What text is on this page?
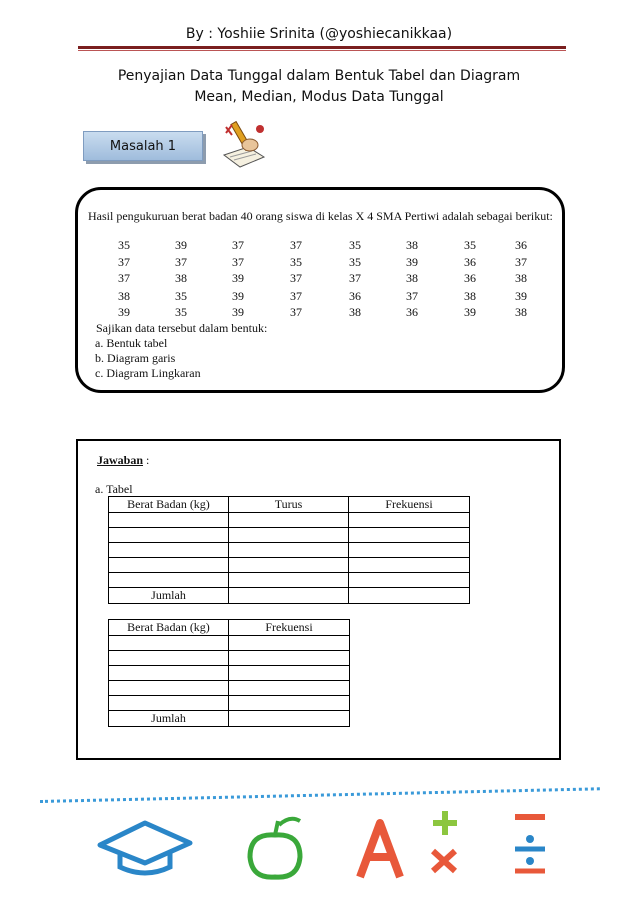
By : Yoshiie Srinita (@yoshiecanikkaa)
Penyajian Data Tunggal dalam Bentuk Tabel dan Diagram
Mean, Median, Modus Data Tunggal
Masalah 1
Hasil pengukuruan berat badan 40 orang siswa di kelas X 4 SMA Pertiwi adalah sebagai berikut:
35	39	37	37	35	38	35	36
37	37	37	35	35	39	36	37
37	38	39	37	37	38	36	38
38	35	39	37	36	37	38	39
39	35	39	37	38	36	39	38
Sajikan data tersebut dalam bentuk:
a. Bentuk tabel
b. Diagram garis
c. Diagram Lingkaran
Jawaban :
a. Tabel
Berat Badan (kg)	Turus	Frekuensi

Jumlah		
Berat Badan (kg)	Frekuensi

Jumlah	
